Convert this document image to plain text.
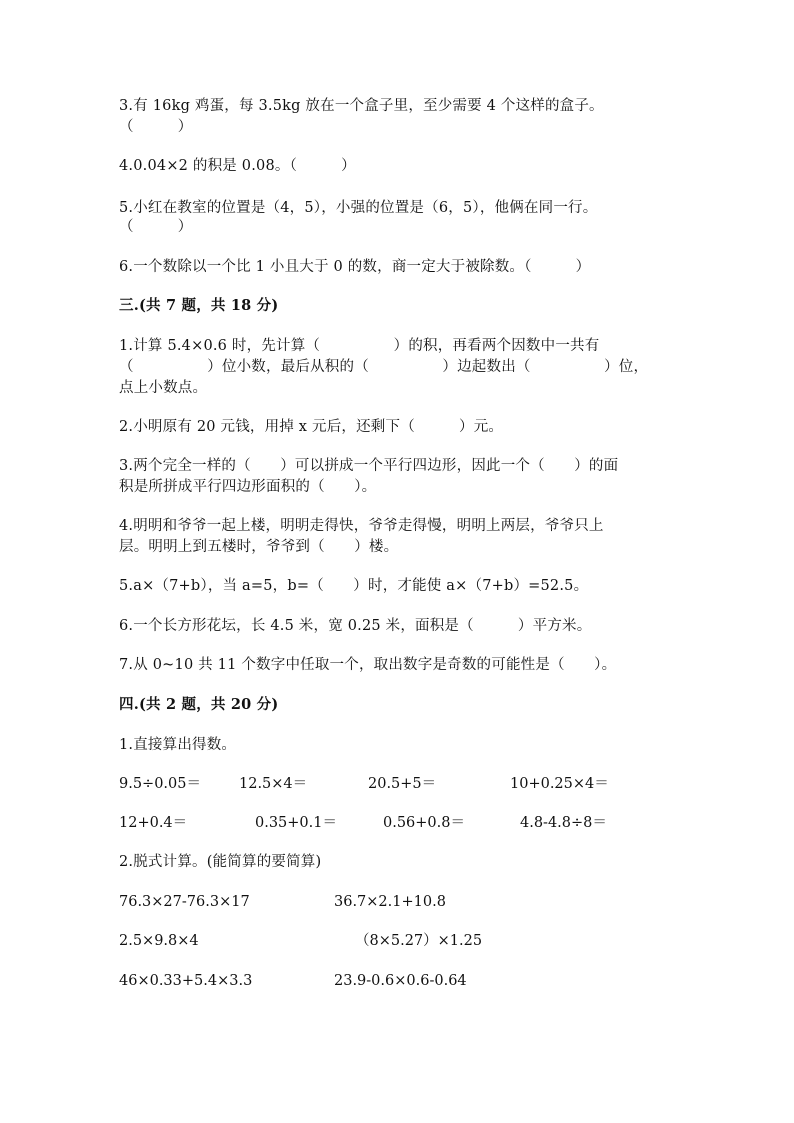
3.有 16kg 鸡蛋，每 3.5kg 放在一个盒子里，至少需要 4 个这样的盒子。

（　　　）

4.0.04×2 的积是 0.08。（　　　）

5.小红在教室的位置是（4，5），小强的位置是（6，5），他俩在同一行。

（　　　）

6.一个数除以一个比 1 小且大于 0 的数，商一定大于被除数。（　　　）

三.(共 7 题，共 18 分)

1.计算 5.4×0.6 时，先计算（　　　　　）的积，再看两个因数中一共有

（　　　　　）位小数，最后从积的（　　　　　）边起数出（　　　　　）位，

点上小数点。

2.小明原有 20 元钱，用掉 x 元后，还剩下（　　　）元。

3.两个完全一样的（　　）可以拼成一个平行四边形，因此一个（　　）的面

积是所拼成平行四边形面积的（　　）。

4.明明和爷爷一起上楼，明明走得快，爷爷走得慢，明明上两层，爷爷只上

层。明明上到五楼时，爷爷到（　　）楼。

5.a×（7+b），当 a=5，b=（　　）时，才能使 a×（7+b）=52.5。

6.一个长方形花坛，长 4.5 米，宽 0.25 米，面积是（　　　）平方米。

7.从 0~10 共 11 个数字中任取一个，取出数字是奇数的可能性是（　　）。

四.(共 2 题，共 20 分)

1.直接算出得数。

9.5÷0.05＝	12.5×4＝	20.5+5＝	10+0.25×4＝

12+0.4＝	0.35+0.1＝	0.56+0.8＝	4.8-4.8÷8＝

2.脱式计算。(能简算的要简算)

76.3×27-76.3×17	36.7×2.1+10.8

2.5×9.8×4	（8×5.27）×1.25

46×0.33+5.4×3.3	23.9-0.6×0.6-0.64
